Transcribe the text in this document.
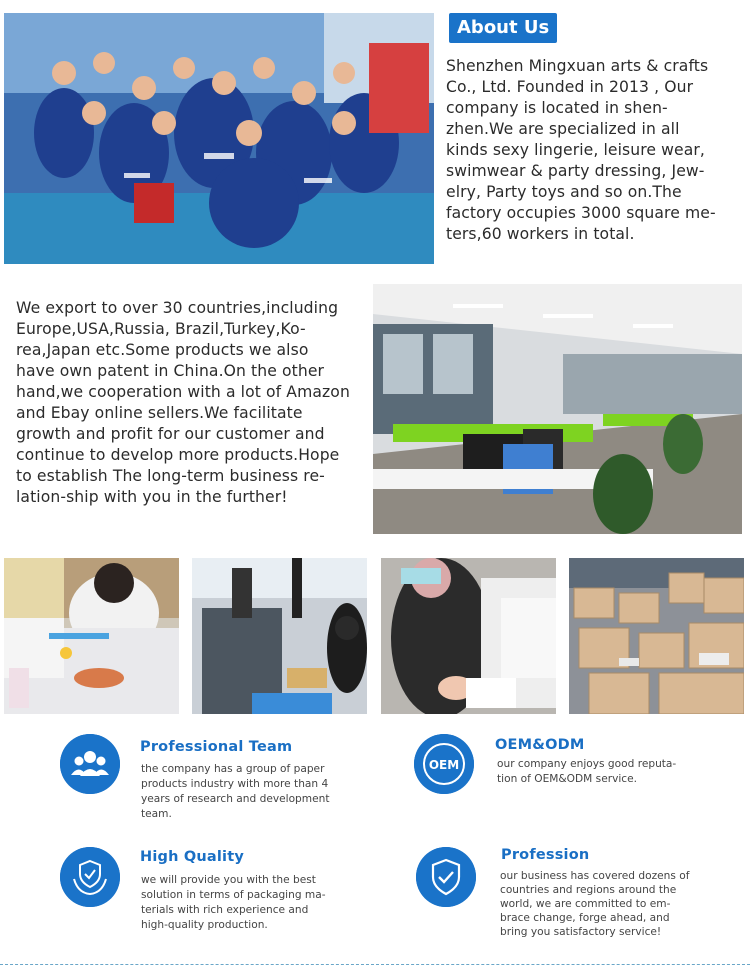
About Us
Shenzhen Mingxuan arts & crafts
Co., Ltd. Founded in 2013 , Our
company is located in shen-
zhen.We are specialized in all
kinds sexy lingerie, leisure wear,
swimwear & party dressing, Jew-
elry, Party toys and so on.The
factory occupies 3000 square me-
ters,60 workers in total.
We export to over 30 countries,including
Europe,USA,Russia, Brazil,Turkey,Ko-
rea,Japan etc.Some products we also
have own patent in China.On the other
hand,we cooperation with a lot of Amazon
and Ebay online sellers.We facilitate
growth and profit for our customer and
continue to develop more products.Hope
to establish The long-term business re-
lation-ship with you in the further!
Professional Team
the company has a group of paper
products industry with more than 4
years of research and development
team.
OEM
OEM&ODM
our company enjoys good reputa-
tion of OEM&ODM service.
High Quality
we will provide you with the best
solution in terms of packaging ma-
terials with rich experience and
high-quality production.
Profession
our business has covered dozens of
countries and regions around the
world, we are committed to em-
brace change, forge ahead, and
bring you satisfactory service!
